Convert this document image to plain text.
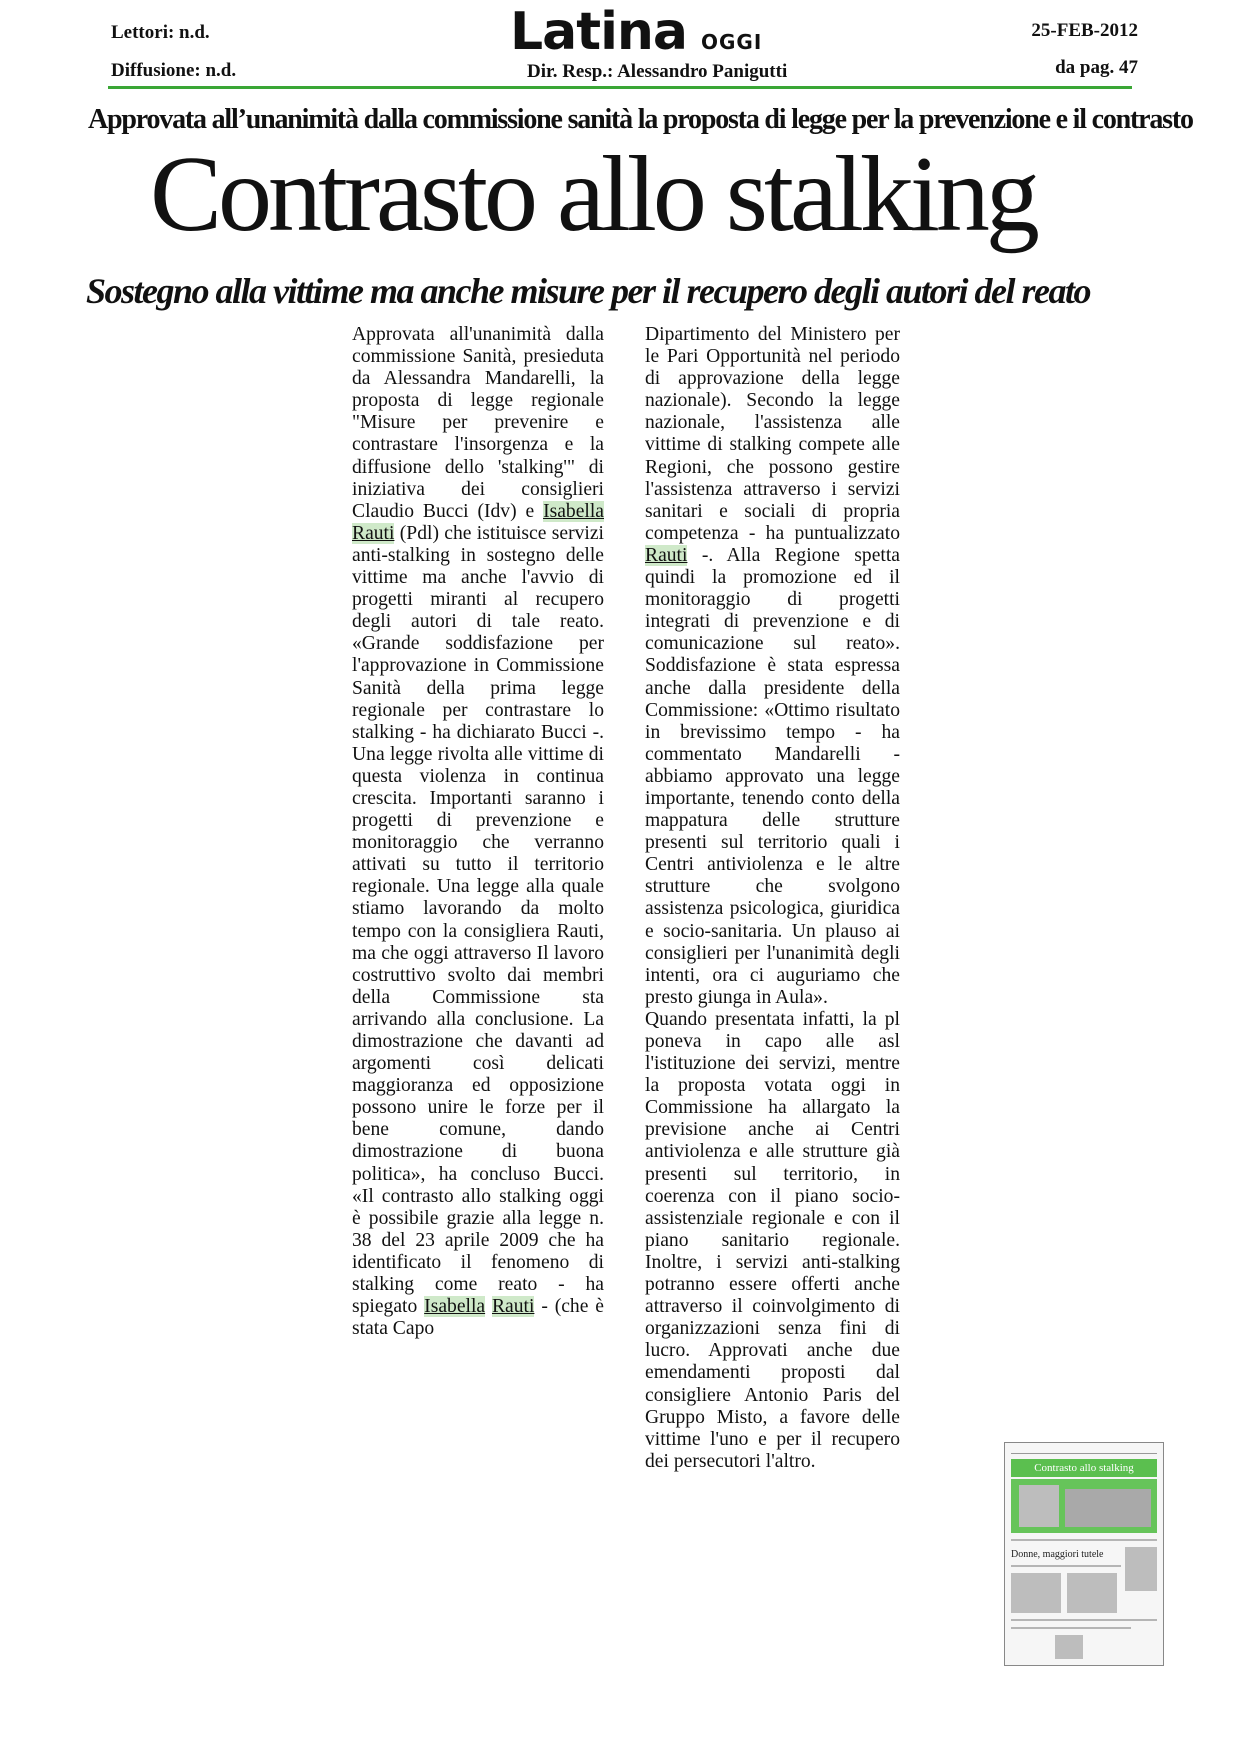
Lettori: n.d.
Diffusione: n.d.
Latina OGGI	25-FEB-2012
Dir. Resp.: Alessandro Panigutti	da pag. 47
Approvata all’unanimità dalla commissione sanità la proposta di legge per la prevenzione e il contrasto
Contrasto allo stalking
Sostegno alla vittime ma anche misure per il recupero degli autori del reato

Approvata all'unanimità dalla commissione Sanità, presieduta da Alessandra Mandarelli, la proposta di legge regionale "Misure per prevenire e contrastare l'insorgenza e la diffusione dello 'stalking'" di iniziativa dei consiglieri Claudio Bucci (Idv) e Isabella Rauti (Pdl) che istituisce servizi anti-stalking in sostegno delle vittime ma anche l'avvio di progetti miranti al recupero degli autori di tale reato. «Grande soddisfazione per l'approvazione in Commissione Sanità della prima legge regionale per contrastare lo stalking - ha dichiarato Bucci -. Una legge rivolta alle vittime di questa violenza in continua crescita. Importanti saranno i progetti di prevenzione e monitoraggio che verranno attivati su tutto il territorio regionale. Una legge alla quale stiamo lavorando da molto tempo con la consigliera Rauti, ma che oggi attraverso Il lavoro costruttivo svolto dai membri della Commissione sta arrivando alla conclusione. La dimostrazione che davanti ad argomenti così delicati maggioranza ed opposizione possono unire le forze per il bene comune, dando dimostrazione di buona politica», ha concluso Bucci. «Il contrasto allo stalking oggi è possibile grazie alla legge n. 38 del 23 aprile 2009 che ha identificato il fenomeno di stalking come reato - ha spiegato Isabella Rauti - (che è stata Capo

Dipartimento del Ministero per le Pari Opportunità nel periodo di approvazione della legge nazionale). Secondo la legge nazionale, l'assistenza alle vittime di stalking compete alle Regioni, che possono gestire l'assistenza attraverso i servizi sanitari e sociali di propria competenza - ha puntualizzato Rauti -. Alla Regione spetta quindi la promozione ed il monitoraggio di progetti integrati di prevenzione e di comunicazione sul reato». Soddisfazione è stata espressa anche dalla presidente della Commissione: «Ottimo risultato in brevissimo tempo - ha commentato Mandarelli - abbiamo approvato una legge importante, tenendo conto della mappatura delle strutture presenti sul territorio quali i Centri antiviolenza e le altre strutture che svolgono assistenza psicologica, giuridica e socio-sanitaria. Un plauso ai consiglieri per l'unanimità degli intenti, ora ci auguriamo che presto giunga in Aula».

Quando presentata infatti, la pl poneva in capo alle asl l'istituzione dei servizi, mentre la proposta votata oggi in Commissione ha allargato la previsione anche ai Centri antiviolenza e alle strutture già presenti sul territorio, in coerenza con il piano socio-assistenziale regionale e con il piano sanitario regionale. Inoltre, i servizi anti-stalking potranno essere offerti anche attraverso il coinvolgimento di organizzazioni senza fini di lucro. Approvati anche due emendamenti proposti dal consigliere Antonio Paris del Gruppo Misto, a favore delle vittime l'uno e per il recupero dei persecutori l'altro.	Contrasto allo stalking
Donne, maggiori tutele
